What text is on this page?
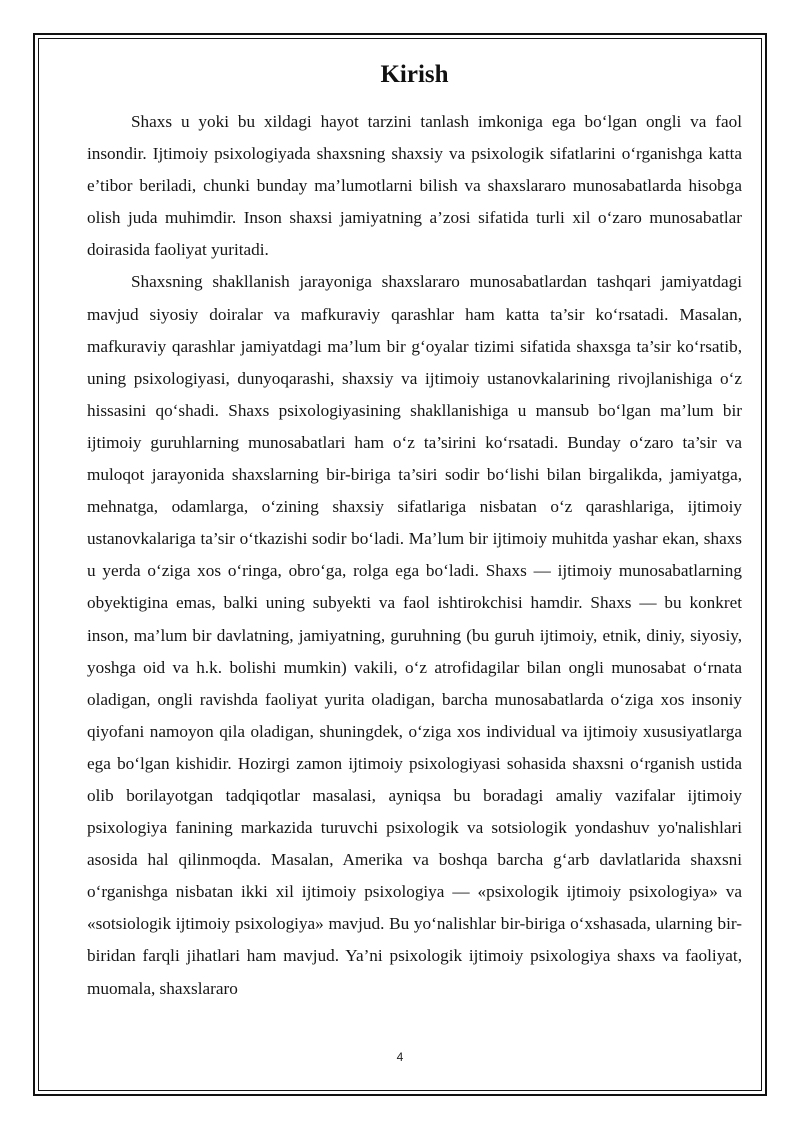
Kirish

Shaxs u yoki bu xildagi hayot tarzini tanlash imkoniga ega bo‘lgan ongli va faol insondir. Ijtimoiy psixologiyada shaxsning shaxsiy va psixologik sifatlarini o‘rganishga katta e’tibor beriladi, chunki bunday ma’lumotlarni bilish va shaxslararo munosabatlarda hisobga olish juda muhimdir. Inson shaxsi jamiyatning a’zosi sifatida turli xil o‘zaro munosabatlar doirasida faoliyat yuritadi.

Shaxsning shakllanish jarayoniga shaxslararo munosabatlardan tashqari jamiyatdagi mavjud siyosiy doiralar va mafkuraviy qarashlar ham katta ta’sir ko‘rsatadi. Masalan, mafkuraviy qarashlar jamiyatdagi ma’lum bir g‘oyalar tizimi sifatida shaxsga ta’sir ko‘rsatib, uning psixologiyasi, dunyoqarashi, shaxsiy va ijtimoiy ustanovkalarining rivojlanishiga o‘z hissasini qo‘shadi. Shaxs psixologiyasining shakllanishiga u mansub bo‘lgan ma’lum bir ijtimoiy guruhlarning munosabatlari ham o‘z ta’sirini ko‘rsatadi. Bunday o‘zaro ta’sir va muloqot jarayonida shaxslarning bir-biriga ta’siri sodir bo‘lishi bilan birgalikda, jamiyatga, mehnatga, odamlarga, o‘zining shaxsiy sifatlariga nisbatan o‘z qarashlariga, ijtimoiy ustanovkalariga ta’sir o‘tkazishi sodir bo‘ladi. Ma’lum bir ijtimoiy muhitda yashar ekan, shaxs u yerda o‘ziga xos o‘ringa, obro‘ga, rolga ega bo‘ladi. Shaxs — ijtimoiy munosabatlarning obyektigina emas, balki uning subyekti va faol ishtirokchisi hamdir. Shaxs — bu konkret inson, ma’lum bir davlatning, jamiyatning, guruhning (bu guruh ijtimoiy, etnik, diniy, siyosiy, yoshga oid va h.k. bolishi mumkin) vakili, o‘z atrofidagilar bilan ongli munosabat o‘rnata oladigan, ongli ravishda faoliyat yurita oladigan, barcha munosabatlarda o‘ziga xos insoniy qiyofani namoyon qila oladigan, shuningdek, o‘ziga xos individual va ijtimoiy xususiyatlarga ega bo‘lgan kishidir. Hozirgi zamon ijtimoiy psixologiyasi sohasida shaxsni o‘rganish ustida olib borilayotgan tadqiqotlar masalasi, ayniqsa bu boradagi amaliy vazifalar ijtimoiy psixologiya fanining markazida turuvchi psixologik va sotsiologik yondashuv yo'nalishlari asosida hal qilinmoqda. Masalan, Amerika va boshqa barcha g‘arb davlatlarida shaxsni o‘rganishga nisbatan ikki xil ijtimoiy psixologiya — «psixologik ijtimoiy psixologiya» va «sotsiologik ijtimoiy psixologiya» mavjud. Bu yo‘nalishlar bir-biriga o‘xshasada, ularning bir-biridan farqli jihatlari ham mavjud. Ya’ni psixologik ijtimoiy psixologiya shaxs va faoliyat, muomala, shaxslararo

4
